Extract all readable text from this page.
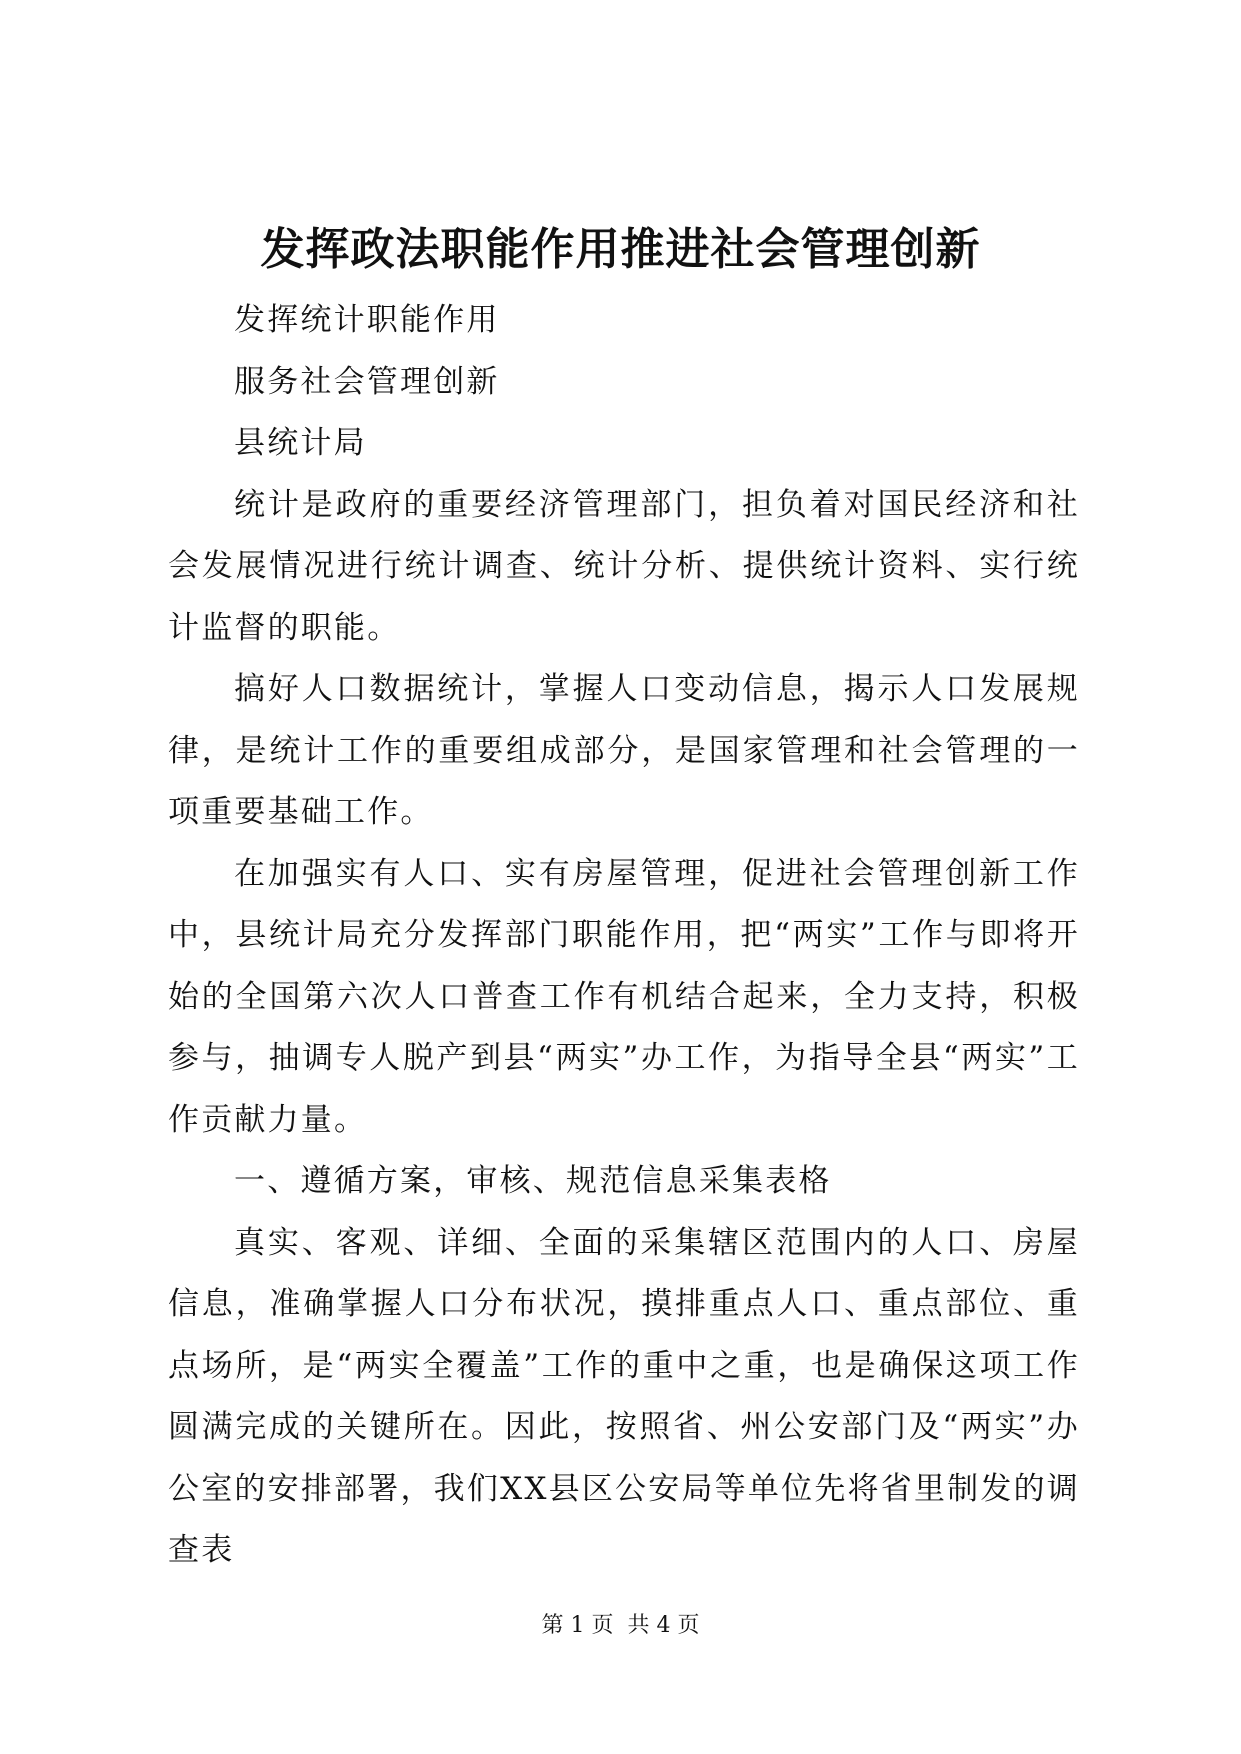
发挥政法职能作用推进社会管理创新

发挥统计职能作用

服务社会管理创新

县统计局

统计是政府的重要经济管理部门，担负着对国民经济和社会发展情况进行统计调查、统计分析、提供统计资料、实行统计监督的职能。

搞好人口数据统计，掌握人口变动信息，揭示人口发展规律，是统计工作的重要组成部分，是国家管理和社会管理的一项重要基础工作。

在加强实有人口、实有房屋管理，促进社会管理创新工作中，县统计局充分发挥部门职能作用，把“两实”工作与即将开始的全国第六次人口普查工作有机结合起来，全力支持，积极参与，抽调专人脱产到县“两实”办工作，为指导全县“两实”工作贡献力量。

一、遵循方案，审核、规范信息采集表格

真实、客观、详细、全面的采集辖区范围内的人口、房屋信息，准确掌握人口分布状况，摸排重点人口、重点部位、重点场所，是“两实全覆盖”工作的重中之重，也是确保这项工作圆满完成的关键所在。因此，按照省、州公安部门及“两实”办公室的安排部署，我们XX县区公安局等单位先将省里制发的调查表

第 1 页 共 4 页
